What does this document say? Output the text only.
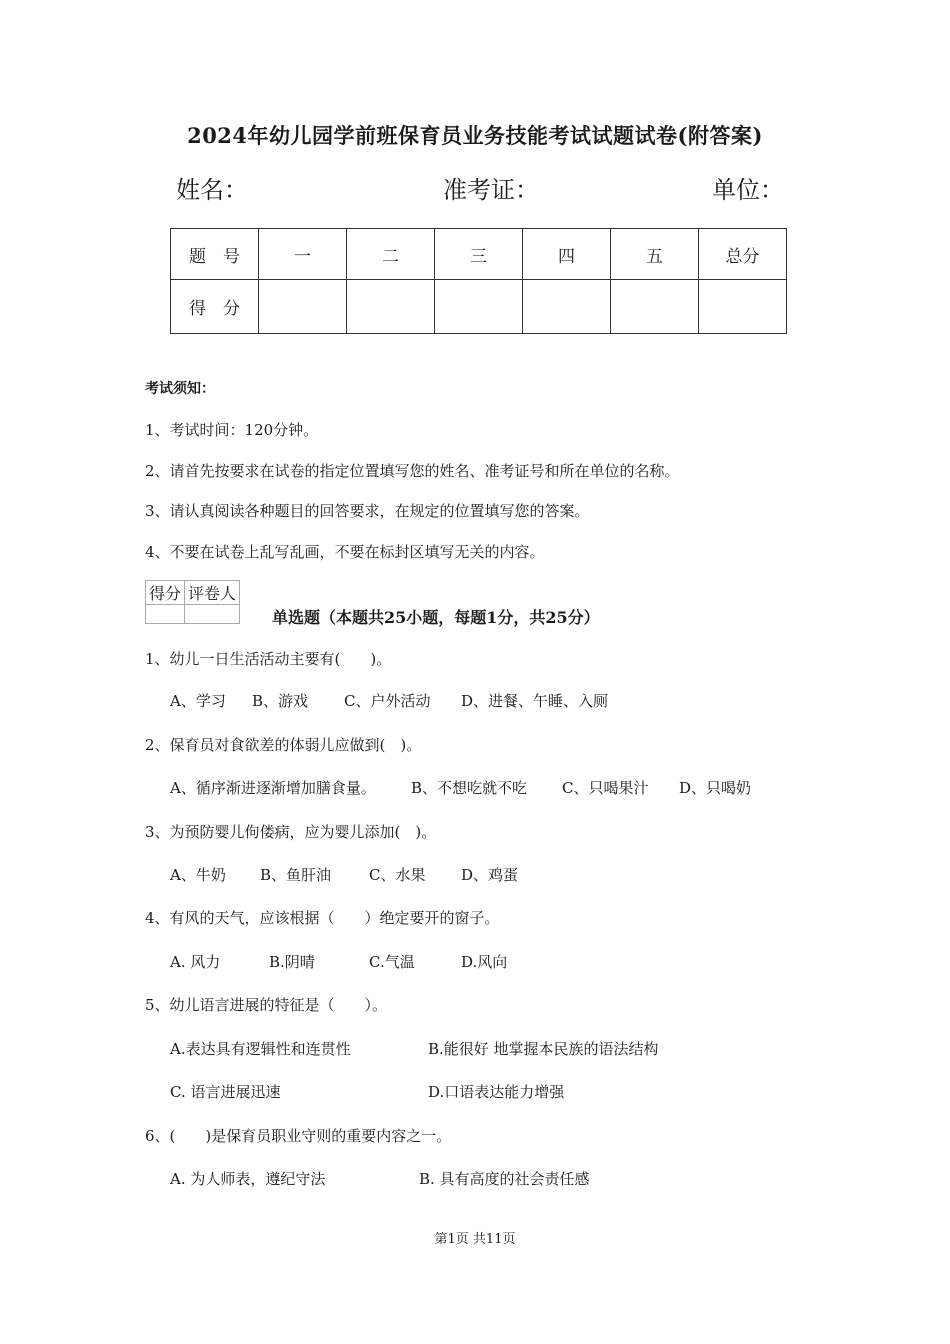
2024年幼儿园学前班保育员业务技能考试试题试卷(附答案)
姓名：	准考证：	单位：
题　号	一	二	三	四	五	总分
得　分						
考试须知：
1、考试时间：120分钟。
2、请首先按要求在试卷的指定位置填写您的姓名、准考证号和所在单位的名称。
3、请认真阅读各种题目的回答要求，在规定的位置填写您的答案。
4、不要在试卷上乱写乱画，不要在标封区填写无关的内容。
得分	评卷人

单选题（本题共25小题，每题1分，共25分）
1、幼儿一日生活活动主要有(　　)。
A、学习 B、游戏 C、户外活动 D、进餐、午睡、入厕
2、保育员对食欲差的体弱儿应做到(　)。
A、循序渐进逐渐增加膳食量。 B、不想吃就不吃 C、只喝果汁 D、只喝奶
3、为预防婴儿佝偻病，应为婴儿添加(　)。
A、牛奶 B、鱼肝油	C、水果 D、鸡蛋
4、有风的天气，应该根据（　　）绝定要开的窗子。
A. 风力	B.阴晴	C.气温	D.风向
5、幼儿语言进展的特征是（　　）。
A.表达具有逻辑性和连贯性	B.能很好 地掌握本民族的语法结构
C. 语言进展迅速	D.口语表达能力增强
6、(　　)是保育员职业守则的重要内容之一。
A. 为人师表，遵纪守法	B. 具有高度的社会责任感
第1页 共11页
